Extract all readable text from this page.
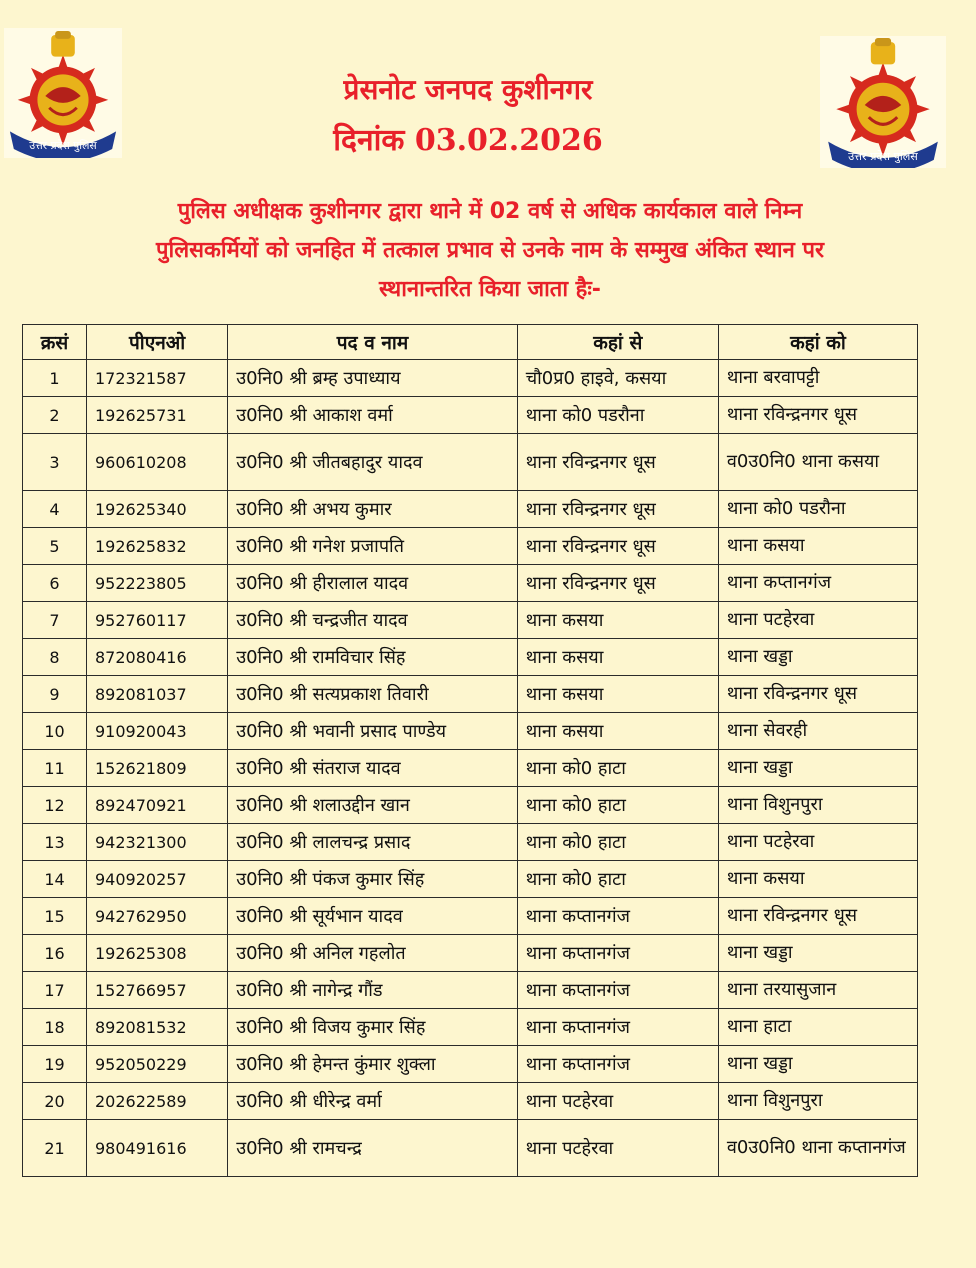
उत्तर प्रदेश पुलिस
उत्तर प्रदेश पुलिस
प्रेसनोट जनपद कुशीनगर
दिनांक 03.02.2026
पुलिस अधीक्षक कुशीनगर द्वारा थाने में 02 वर्ष से अधिक कार्यकाल वाले निम्न
पुलिसकर्मियों को जनहित में तत्काल प्रभाव से उनके नाम के सम्मुख अंकित स्थान पर
स्थानान्तरित किया जाता हैः-
क्रसं	पीएनओ	पद व नाम	कहां से	कहां को
1	172321587	उ0नि0 श्री ब्रम्ह उपाध्याय	चौ0प्र0 हाइवे, कसया	थाना बरवापट्टी
2	192625731	उ0नि0 श्री आकाश वर्मा	थाना को0 पडरौना	थाना रविन्द्रनगर धूस
3	960610208	उ0नि0 श्री जीतबहादुर यादव	थाना रविन्द्रनगर धूस	व0उ0नि0 थाना कसया
4	192625340	उ0नि0 श्री अभय कुमार	थाना रविन्द्रनगर धूस	थाना को0 पडरौना
5	192625832	उ0नि0 श्री गनेश प्रजापति	थाना रविन्द्रनगर धूस	थाना कसया
6	952223805	उ0नि0 श्री हीरालाल यादव	थाना रविन्द्रनगर धूस	थाना कप्तानगंज
7	952760117	उ0नि0 श्री चन्द्रजीत यादव	थाना कसया	थाना पटहेरवा
8	872080416	उ0नि0 श्री रामविचार सिंह	थाना कसया	थाना खड्डा
9	892081037	उ0नि0 श्री सत्यप्रकाश तिवारी	थाना कसया	थाना रविन्द्रनगर धूस
10	910920043	उ0नि0 श्री भवानी प्रसाद पाण्डेय	थाना कसया	थाना सेवरही
11	152621809	उ0नि0 श्री संतराज यादव	थाना को0 हाटा	थाना खड्डा
12	892470921	उ0नि0 श्री शलाउद्दीन खान	थाना को0 हाटा	थाना विशुनपुरा
13	942321300	उ0नि0 श्री लालचन्द्र प्रसाद	थाना को0 हाटा	थाना पटहेरवा
14	940920257	उ0नि0 श्री पंकज कुमार सिंह	थाना को0 हाटा	थाना कसया
15	942762950	उ0नि0 श्री सूर्यभान यादव	थाना कप्तानगंज	थाना रविन्द्रनगर धूस
16	192625308	उ0नि0 श्री अनिल गहलोत	थाना कप्तानगंज	थाना खड्डा
17	152766957	उ0नि0 श्री नागेन्द्र गौंड	थाना कप्तानगंज	थाना तरयासुजान
18	892081532	उ0नि0 श्री विजय कुमार सिंह	थाना कप्तानगंज	थाना हाटा
19	952050229	उ0नि0 श्री हेमन्त कुंमार शुक्ला	थाना कप्तानगंज	थाना खड्डा
20	202622589	उ0नि0 श्री धीरेन्द्र वर्मा	थाना पटहेरवा	थाना विशुनपुरा
21	980491616	उ0नि0 श्री रामचन्द्र	थाना पटहेरवा	व0उ0नि0 थाना कप्तानगंज
